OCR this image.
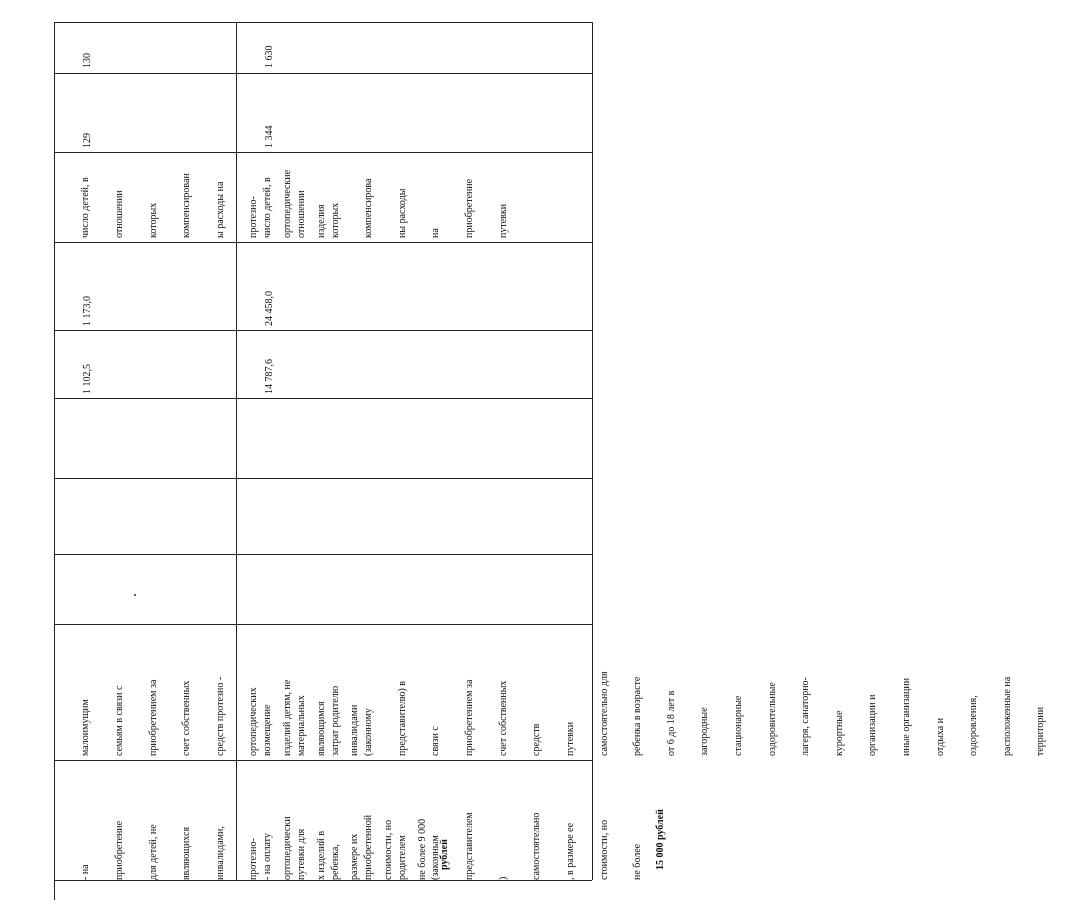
- на

приобретение

для детей, не

являющихся

инвалидами,

протезно-

ортопедически

х изделий в

размере их

стоимости, но

не более 9 000 рублей

малоимущим

семьям в связи с

приобретением за

счет собственных

средств протезно -

ортопедических

изделий детям, не

являющимся

инвалидами

1 102,5

1 173,0

число детей, в

отношении

которых

компенсирован

ы расходы на

протезно-

ортопедические

изделия

129

130

- на оплату

путевки для

ребенка,

приобретенной

родителем

(законным

представителем

)

самостоятельно

, в размере ее

стоимости, но

не более 15 000 рублей

возмещение

материальных

затрат родителю

(законному

представителю) в

связи с

приобретением за

счет собственных

средств

путевки

самостоятельно для

ребенка в возрасте

от 6 до 18 лет в

загородные

стационарные

оздоровительные

лагеря, санаторно-

курортные

организации и

иные организации

отдыха и

оздоровления,

расположенные на

территории

14 787,6

24 458,0

число детей, в

отношении

которых

компенсирова

ны расходы

на

приобретение

путевки

1 344

1 630
